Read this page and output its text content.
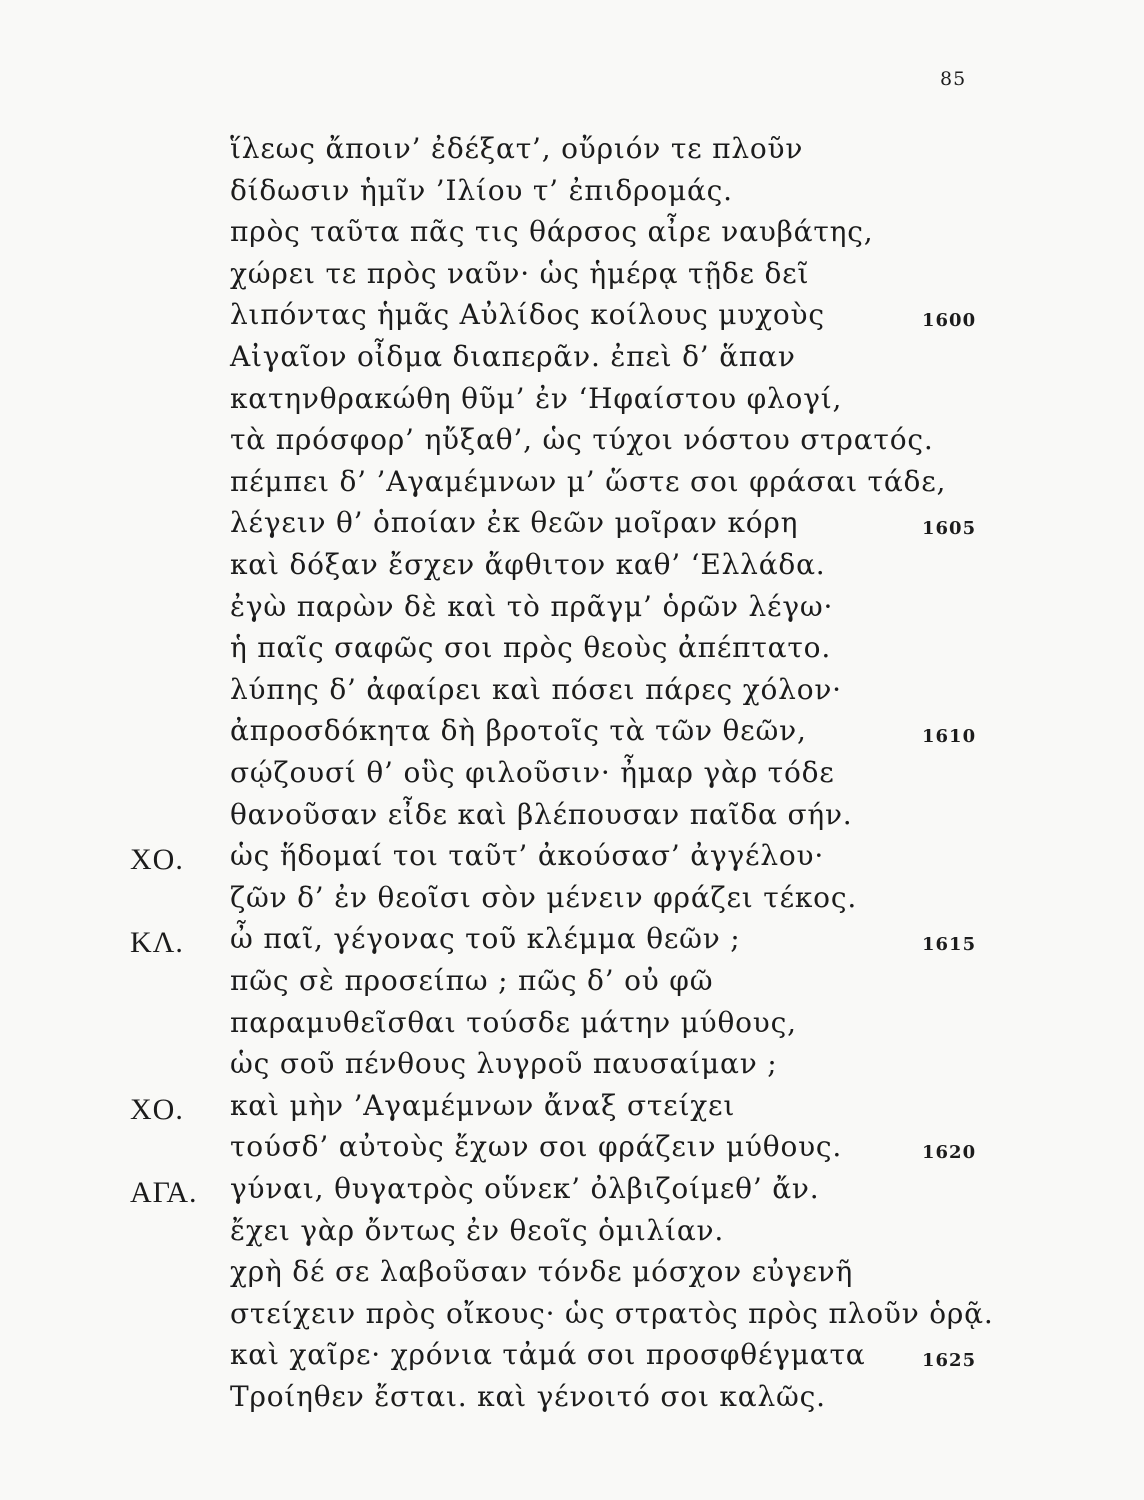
85
ἵλεως ἄποιν’ ἐδέξατ’, οὔριόν τε πλοῦν
δίδωσιν ἡμῖν ’Ιλίου τ’ ἐπιδρομάς.
πρὸς ταῦτα πᾶς τις θάρσος αἶρε ναυβάτης,
χώρει τε πρὸς ναῦν· ὡς ἡμέρᾳ τῇδε δεῖ
λιπόντας ἡμᾶς Αὐλίδος κοίλους μυχοὺς	1600
Αἰγαῖον οἶδμα διαπερᾶν. ἐπεὶ δ’ ἅπαν
κατηνθρακώθη θῦμ’ ἐν ‘Ηφαίστου φλογί,
τὰ πρόσφορ’ ηὔξαθ’, ὡς τύχοι νόστου στρατός.
πέμπει δ’ ’Αγαμέμνων μ’ ὥστε σοι φράσαι τάδε,
λέγειν θ’ ὁποίαν ἐκ θεῶν μοῖραν κόρη	1605
καὶ δόξαν ἔσχεν ἄφθιτον καθ’ ‘Ελλάδα.
ἐγὼ παρὼν δὲ καὶ τὸ πρᾶγμ’ ὁρῶν λέγω·
ἡ παῖς σαφῶς σοι πρὸς θεοὺς ἀπέπτατο.
λύπης δ’ ἀφαίρει καὶ πόσει πάρες χόλον·
ἀπροσδόκητα δὴ βροτοῖς τὰ τῶν θεῶν,	1610
σῴζουσί θ’ οὓς φιλοῦσιν· ἦμαρ γὰρ τόδε
θανοῦσαν εἶδε καὶ βλέπουσαν παῖδα σήν.
ΧΟ. ὡς ἥδομαί τοι ταῦτ’ ἀκούσασ’ ἀγγέλου·
ζῶν δ’ ἐν θεοῖσι σὸν μένειν φράζει τέκος.
ΚΛ. ὦ παῖ, γέγονας τοῦ κλέμμα θεῶν ;	1615
πῶς σὲ προσείπω ; πῶς δ’ οὐ φῶ
παραμυθεῖσθαι τούσδε μάτην μύθους,
ὡς σοῦ πένθους λυγροῦ παυσαίμαν ;
ΧΟ. καὶ μὴν ’Αγαμέμνων ἄναξ στείχει
τούσδ’ αὐτοὺς ἔχων σοι φράζειν μύθους.	1620
ΑΓΑ. γύναι, θυγατρὸς οὕνεκ’ ὀλβιζοίμεθ’ ἄν.
ἔχει γὰρ ὄντως ἐν θεοῖς ὁμιλίαν.
χρὴ δέ σε λαβοῦσαν τόνδε μόσχον εὐγενῆ
στείχειν πρὸς οἴκους· ὡς στρατὸς πρὸς πλοῦν ὁρᾷ.
καὶ χαῖρε· χρόνια τἀμά σοι προσφθέγματα	1625
Τροίηθεν ἔσται. καὶ γένοιτό σοι καλῶς.
